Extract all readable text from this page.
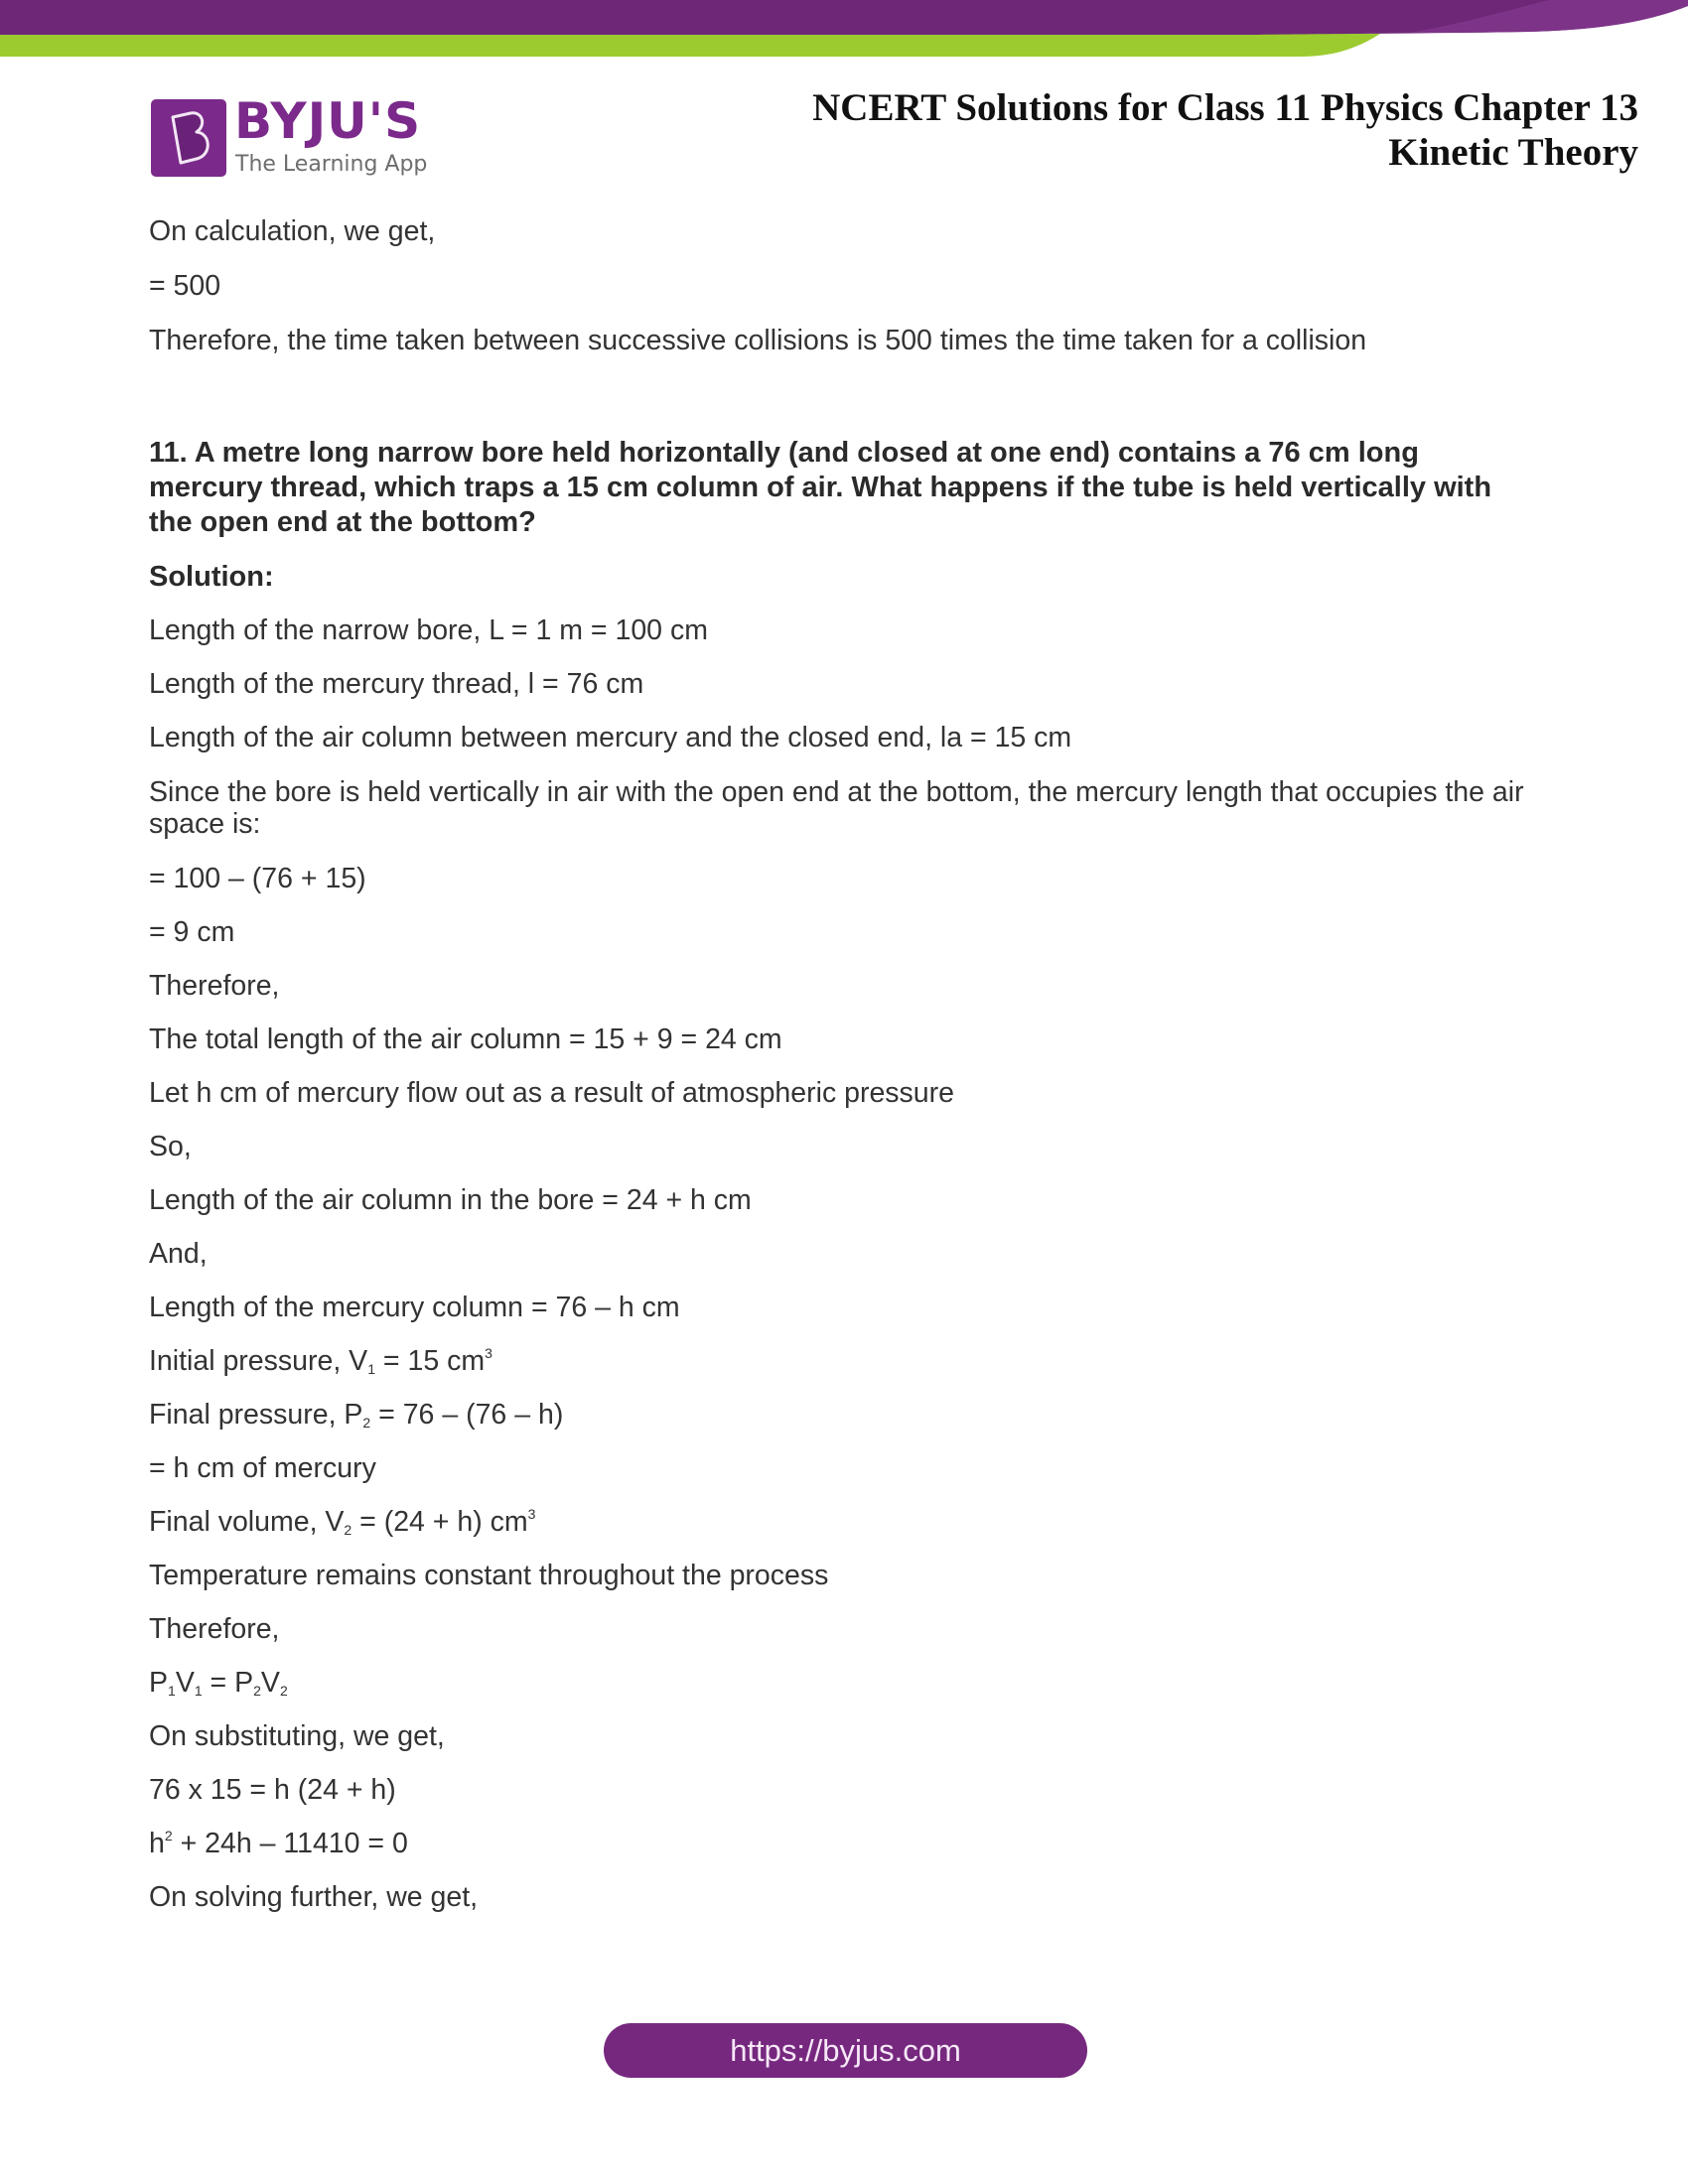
BYJU'S
The Learning App
NCERT Solutions for Class 11 Physics Chapter 13
Kinetic Theory
On calculation, we get,
= 500
Therefore, the time taken between successive collisions is 500 times the time taken for a collision
11. A metre long narrow bore held horizontally (and closed at one end) contains a 76 cm long mercury thread, which traps a 15 cm column of air. What happens if the tube is held vertically with the open end at the bottom?
Solution:
Length of the narrow bore, L = 1 m = 100 cm
Length of the mercury thread, l = 76 cm
Length of the air column between mercury and the closed end, la = 15 cm
Since the bore is held vertically in air with the open end at the bottom, the mercury length that occupies the air space is:
= 100 – (76 + 15)
= 9 cm
Therefore,
The total length of the air column = 15 + 9 = 24 cm
Let h cm of mercury flow out as a result of atmospheric pressure
So,
Length of the air column in the bore = 24 + h cm
And,
Length of the mercury column = 76 – h cm
Initial pressure, $V_1 = 15$ $cm^3$
Final pressure, $P_2 = 76 - (76 - h)$
= h cm of mercury
Final volume, $V_2 = (24 + h)$ $cm^3$
Temperature remains constant throughout the process
Therefore,
$P_1V_1 = P_2V_2$
On substituting, we get,
76 x 15 = h (24 + h)
$h^2 + 24h - 11410 = 0$
On solving further, we get,
https://byjus.com
